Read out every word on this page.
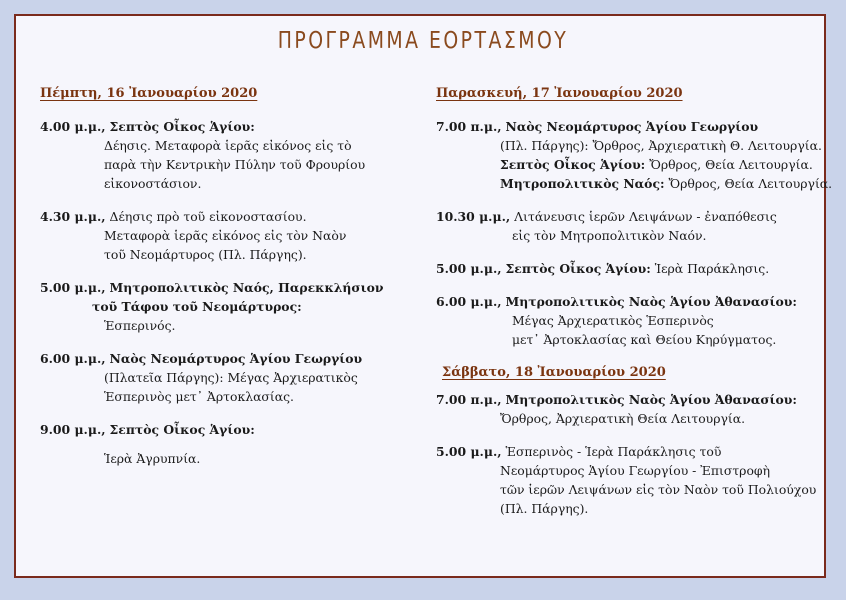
ΠΡΟΓΡΑΜΜΑ ΕΟΡΤΑΣΜΟΥ
Πέμπτη, 16 Ἰανουαρίου 2020
4.00 μ.μ., Σεπτὸς Οἶκος Ἁγίου:
Δέησις. Μεταφορὰ ἱερᾶς εἰκόνος εἰς τὸ
παρὰ τὴν Κεντρικὴν Πύλην τοῦ Φρουρίου
εἰκονοστάσιον.
4.30 μ.μ., Δέησις πρὸ τοῦ εἰκονοστασίου.
Μεταφορὰ ἱερᾶς εἰκόνος εἰς τὸν Ναὸν
τοῦ Νεομάρτυρος (Πλ. Πάργης).
5.00 μ.μ., Μητροπολιτικὸς Ναός, Παρεκκλήσιον
τοῦ Τάφου τοῦ Νεομάρτυρος:
Ἑσπερινός.
6.00 μ.μ., Ναὸς Νεομάρτυρος Ἁγίου Γεωργίου
(Πλατεῖα Πάργης): Μέγας Ἀρχιερατικὸς
Ἑσπερινὸς μετ᾽ Ἀρτοκλασίας.
9.00 μ.μ., Σεπτὸς Οἶκος Ἁγίου:
Ἱερὰ Ἀγρυπνία.
Παρασκευή, 17 Ἰανουαρίου 2020
7.00 π.μ., Ναὸς Νεομάρτυρος Ἁγίου Γεωργίου
(Πλ. Πάργης): Ὄρθρος, Ἀρχιερατικὴ Θ. Λειτουργία.
Σεπτὸς Οἶκος Ἁγίου: Ὄρθρος, Θεία Λειτουργία.
Μητροπολιτικὸς Ναός: Ὄρθρος, Θεία Λειτουργία.
10.30 μ.μ., Λιτάνευσις ἱερῶν Λειψάνων - ἐναπόθεσις
εἰς τὸν Μητροπολιτικὸν Ναόν.
5.00 μ.μ., Σεπτὸς Οἶκος Ἁγίου: Ἱερὰ Παράκλησις.
6.00 μ.μ., Μητροπολιτικὸς Ναὸς Ἁγίου Ἀθανασίου:
Μέγας Ἀρχιερατικὸς Ἑσπερινὸς
μετ᾽ Ἀρτοκλασίας καὶ Θείου Κηρύγματος.
Σάββατο, 18 Ἰανουαρίου 2020
7.00 π.μ., Μητροπολιτικὸς Ναὸς Ἁγίου Ἀθανασίου:
Ὄρθρος, Ἀρχιερατικὴ Θεία Λειτουργία.
5.00 μ.μ., Ἑσπερινὸς - Ἱερὰ Παράκλησις τοῦ
Νεομάρτυρος Ἁγίου Γεωργίου - Ἐπιστροφὴ
τῶν ἱερῶν Λειψάνων εἰς τὸν Ναὸν τοῦ Πολιούχου
(Πλ. Πάργης).
